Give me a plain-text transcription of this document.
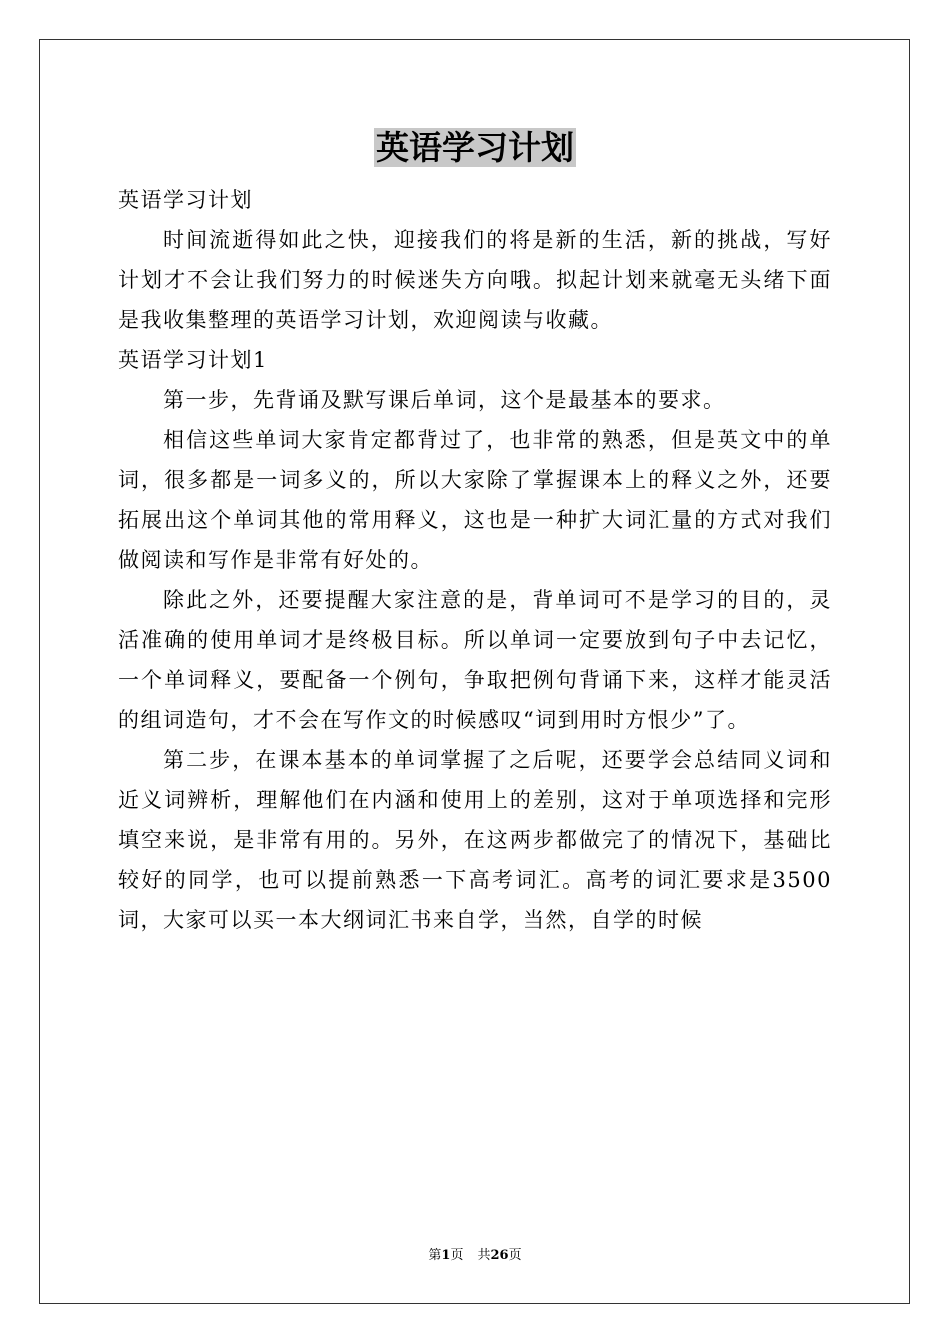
英语学习计划

英语学习计划

时间流逝得如此之快，迎接我们的将是新的生活，新的挑战，写好计划才不会让我们努力的时候迷失方向哦。拟起计划来就毫无头绪下面是我收集整理的英语学习计划，欢迎阅读与收藏。

英语学习计划1

第一步，先背诵及默写课后单词，这个是最基本的要求。

相信这些单词大家肯定都背过了，也非常的熟悉，但是英文中的单词，很多都是一词多义的，所以大家除了掌握课本上的释义之外，还要拓展出这个单词其他的常用释义，这也是一种扩大词汇量的方式对我们做阅读和写作是非常有好处的。

除此之外，还要提醒大家注意的是，背单词可不是学习的目的，灵活准确的使用单词才是终极目标。所以单词一定要放到句子中去记忆，一个单词释义，要配备一个例句，争取把例句背诵下来，这样才能灵活的组词造句，才不会在写作文的时候感叹“词到用时方恨少”了。

第二步，在课本基本的单词掌握了之后呢，还要学会总结同义词和近义词辨析，理解他们在内涵和使用上的差别，这对于单项选择和完形填空来说，是非常有用的。另外，在这两步都做完了的情况下，基础比较好的同学，也可以提前熟悉一下高考词汇。高考的词汇要求是3500词，大家可以买一本大纲词汇书来自学，当然，自学的时候

第1页 共26页
